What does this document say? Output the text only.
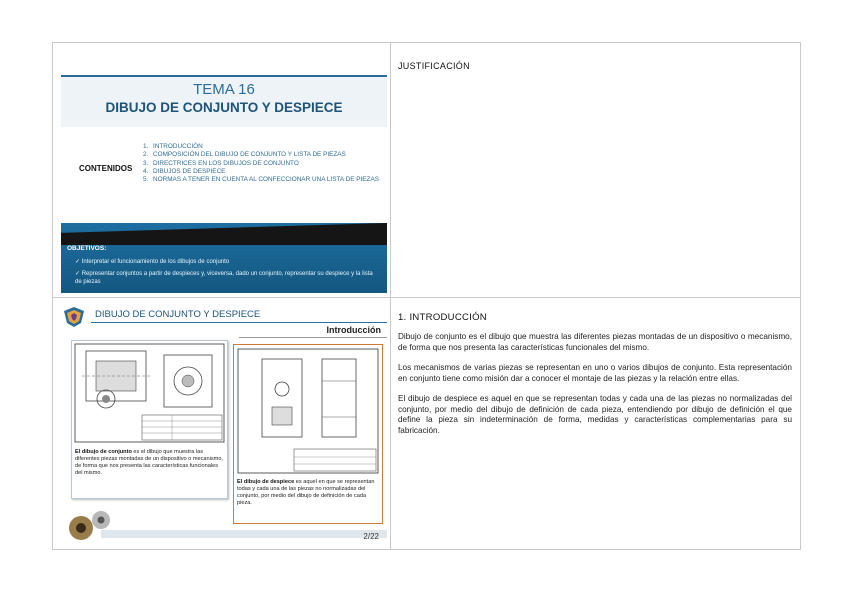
TEMA 16
DIBUJO DE CONJUNTO Y DESPIECE
CONTENIDOS
1. INTRODUCCIÓN
2. COMPOSICIÓN DEL DIBUJO DE CONJUNTO Y LISTA DE PIEZAS
3. DIRECTRICES EN LOS DIBUJOS DE CONJUNTO
4. DIBUJOS DE DESPIECE
5. NORMAS A TENER EN CUENTA AL CONFECCIONAR UNA LISTA DE PIEZAS
OBJETIVOS:
✓ Interpretar el funcionamiento de los dibujos de conjunto
✓ Representar conjuntos a partir de despieces y, viceversa, dado un conjunto, representar su despiece y la lista de piezas
JUSTIFICACIÓN
DIBUJO DE CONJUNTO Y DESPIECE
Introducción
El dibujo de conjunto es el dibujo que muestra las diferentes piezas montadas de un dispositivo o mecanismo, de forma que nos presenta las características funcionales del mismo.
El dibujo de despiece es aquel en que se representan todas y cada una de las piezas no normalizadas del conjunto, por medio del dibujo de definición de cada pieza.
2/22
1. INTRODUCCIÓN

Dibujo de conjunto es el dibujo que muestra las diferentes piezas montadas de un dispositivo o mecanismo, de forma que nos presenta las características funcionales del mismo.

Los mecanismos de varias piezas se representan en uno o varios dibujos de conjunto. Esta representación en conjunto tiene como misión dar a conocer el montaje de las piezas y la relación entre ellas.

El dibujo de despiece es aquel en que se representan todas y cada una de las piezas no normalizadas del conjunto, por medio del dibujo de definición de cada pieza, entendiendo por dibujo de definición el que define la pieza sin indeterminación de forma, medidas y características complementarias para su fabricación.
